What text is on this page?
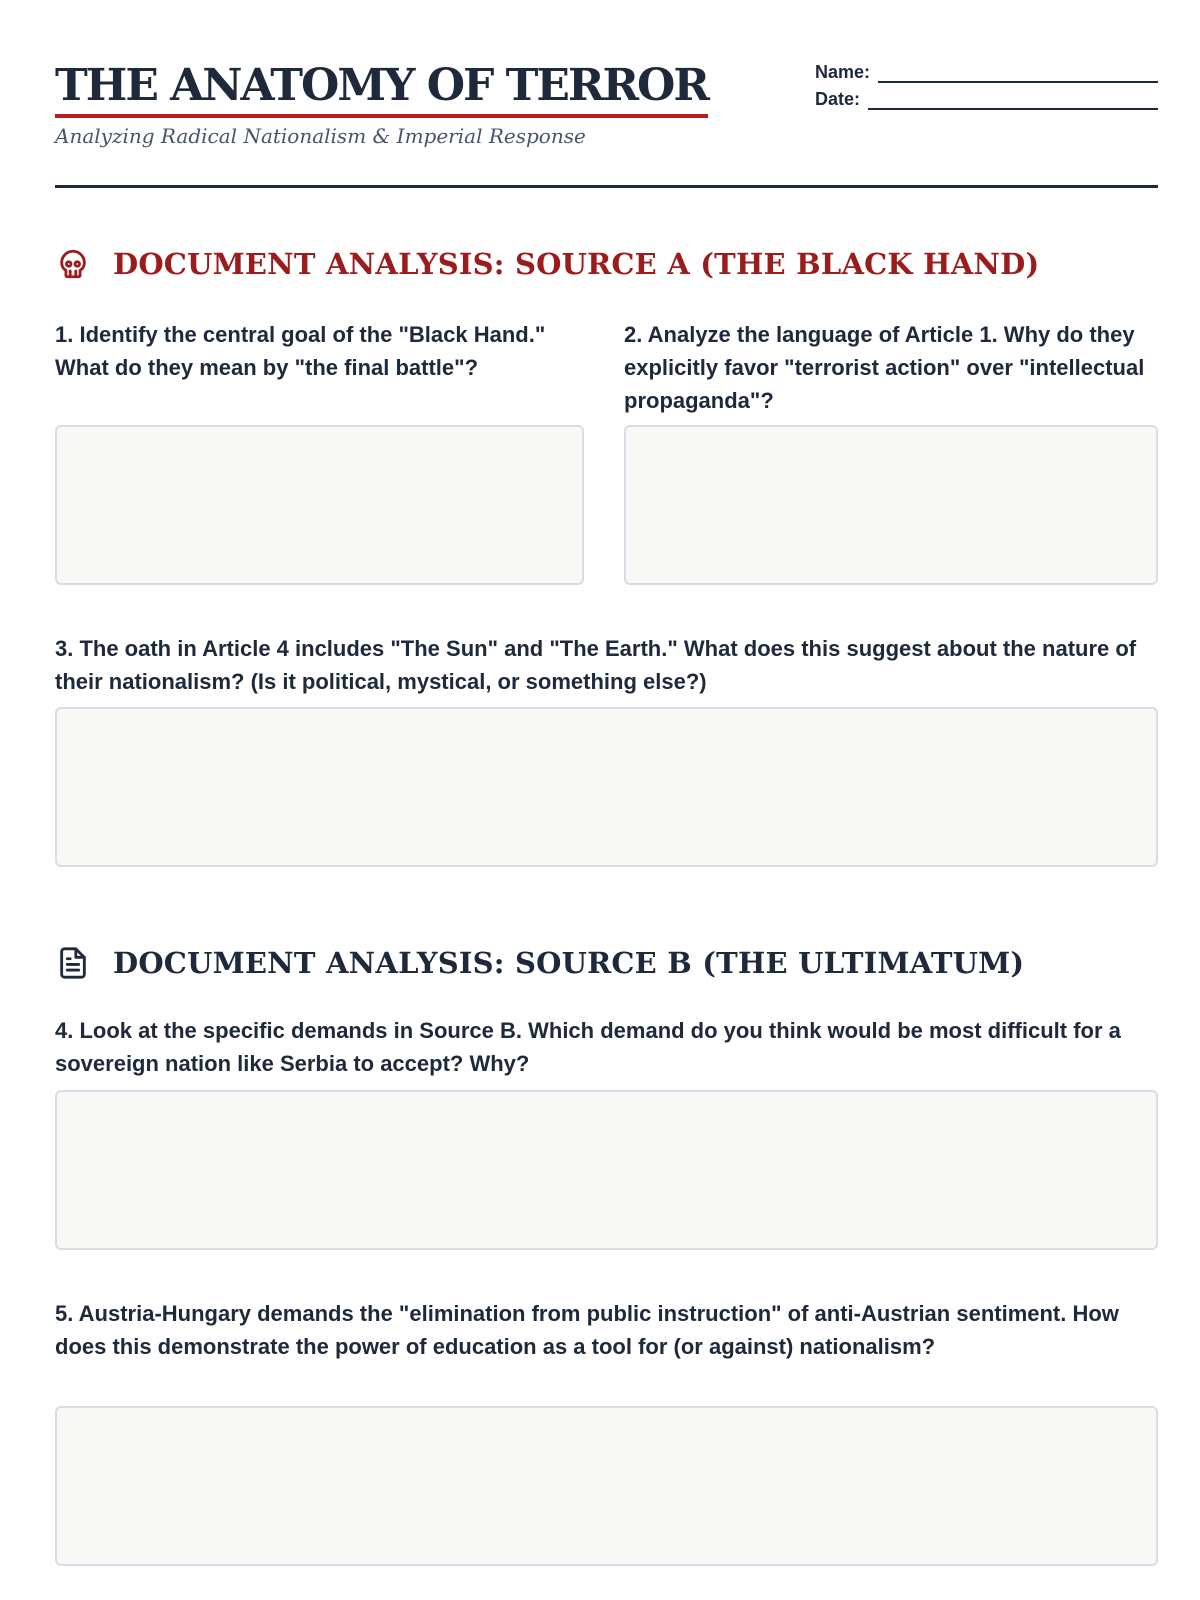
THE ANATOMY OF TERROR
Analyzing Radical Nationalism & Imperial Response
Name:
Date:
DOCUMENT ANALYSIS: SOURCE A (THE BLACK HAND)

1. Identify the central goal of the "Black Hand." What do they mean by "the final battle"?

2. Analyze the language of Article 1. Why do they explicitly favor "terrorist action" over "intellectual propaganda"?

3. The oath in Article 4 includes "The Sun" and "The Earth." What does this suggest about the nature of their nationalism? (Is it political, mystical, or something else?)

DOCUMENT ANALYSIS: SOURCE B (THE ULTIMATUM)

4. Look at the specific demands in Source B. Which demand do you think would be most difficult for a sovereign nation like Serbia to accept? Why?

5. Austria-Hungary demands the "elimination from public instruction" of anti-Austrian sentiment. How does this demonstrate the power of education as a tool for (or against) nationalism?
